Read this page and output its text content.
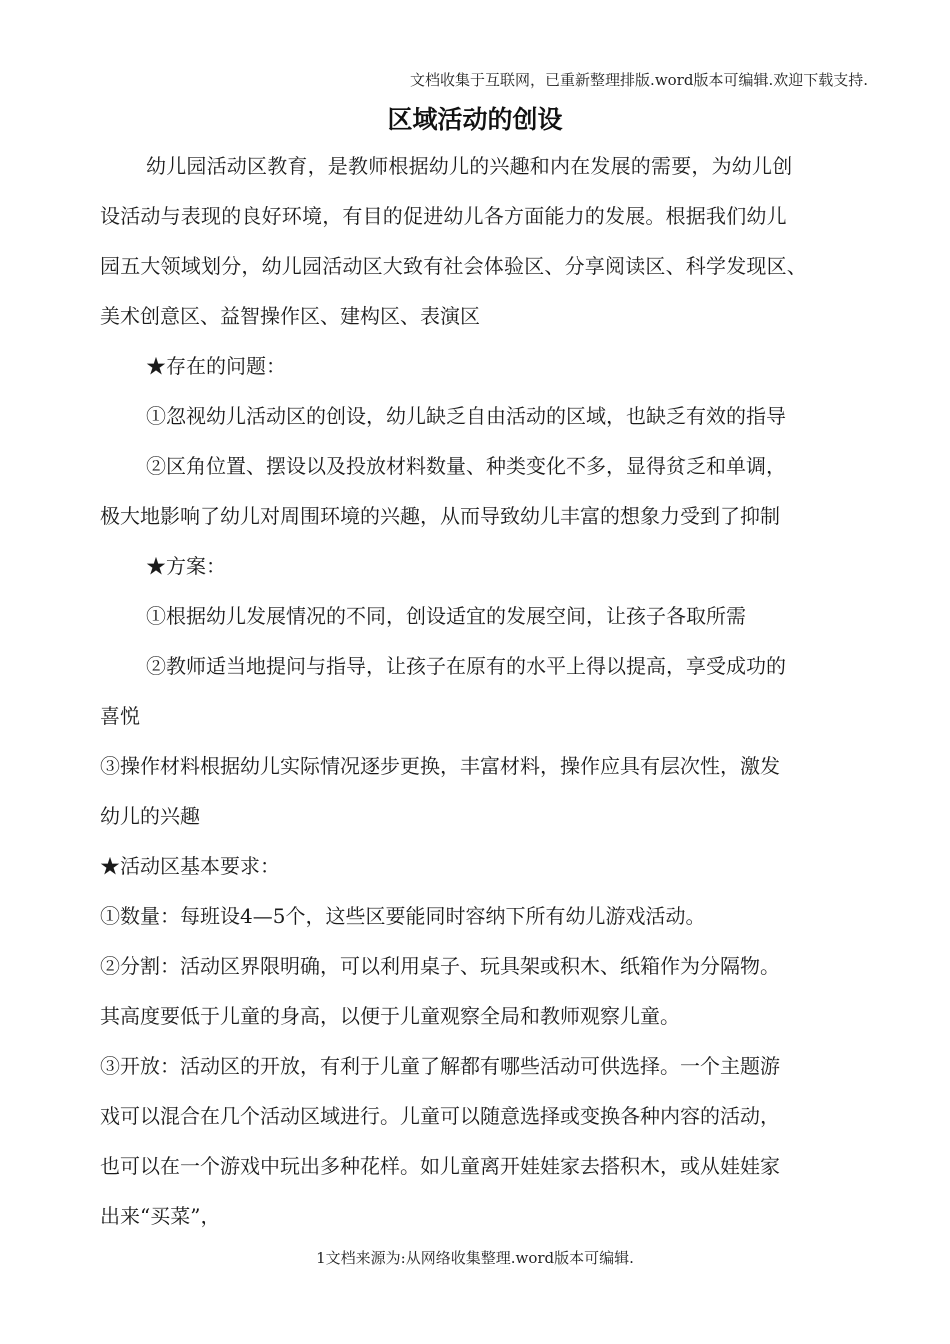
文档收集于互联网，已重新整理排版.word版本可编辑.欢迎下载支持.
区域活动的创设
幼儿园活动区教育，是教师根据幼儿的兴趣和内在发展的需要，为幼儿创
设活动与表现的良好环境，有目的促进幼儿各方面能力的发展。根据我们幼儿
园五大领域划分，幼儿园活动区大致有社会体验区、分享阅读区、科学发现区、
美术创意区、益智操作区、建构区、表演区
★存在的问题：
①忽视幼儿活动区的创设，幼儿缺乏自由活动的区域，也缺乏有效的指导
②区角位置、摆设以及投放材料数量、种类变化不多，显得贫乏和单调，
极大地影响了幼儿对周围环境的兴趣，从而导致幼儿丰富的想象力受到了抑制
★方案：
①根据幼儿发展情况的不同，创设适宜的发展空间，让孩子各取所需
②教师适当地提问与指导，让孩子在原有的水平上得以提高，享受成功的
喜悦
③操作材料根据幼儿实际情况逐步更换，丰富材料，操作应具有层次性，激发
幼儿的兴趣
★活动区基本要求：
①数量：每班设4—5个，这些区要能同时容纳下所有幼儿游戏活动。
②分割：活动区界限明确，可以利用桌子、玩具架或积木、纸箱作为分隔物。
其高度要低于儿童的身高，以便于儿童观察全局和教师观察儿童。
③开放：活动区的开放，有利于儿童了解都有哪些活动可供选择。一个主题游
戏可以混合在几个活动区域进行。儿童可以随意选择或变换各种内容的活动，
也可以在一个游戏中玩出多种花样。如儿童离开娃娃家去搭积木，或从娃娃家
出来“买菜”，
1文档来源为:从网络收集整理.word版本可编辑.
